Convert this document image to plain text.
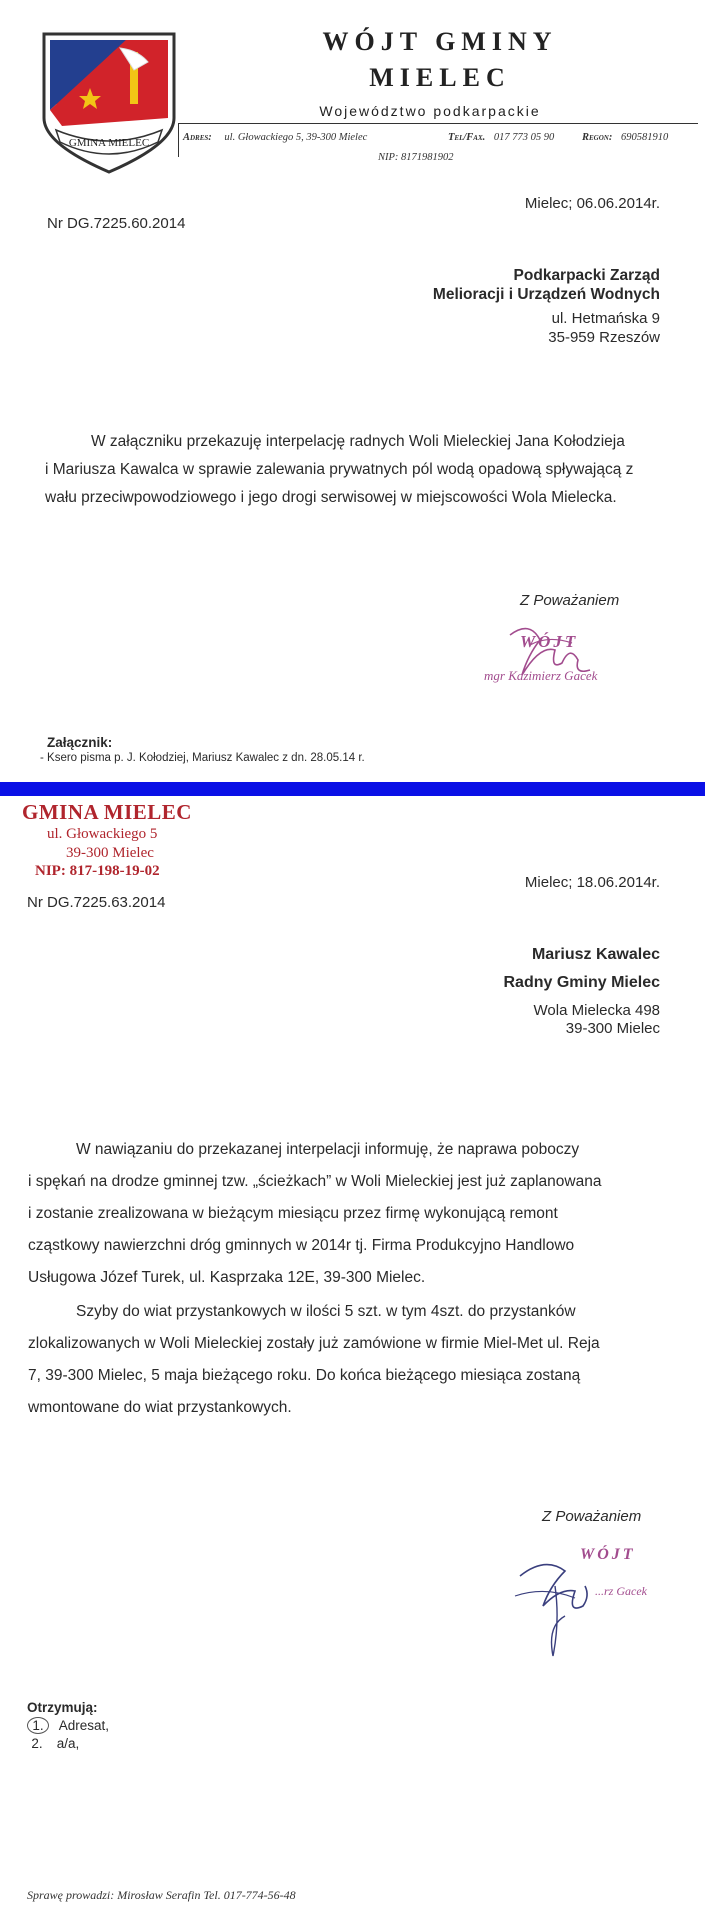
GMINA MIELEC
WÓJT GMINY
MIELEC
Województwo podkarpackie
Adres: ul. Głowackiego 5, 39-300 Mielec	Tel/Fax. 017 773 05 90	Regon: 690581910
NIP: 8171981902
Mielec; 06.06.2014r.
Nr DG.7225.60.2014
Podkarpacki Zarząd
Melioracji i Urządzeń Wodnych
ul. Hetmańska 9
35-959 Rzeszów
W załączniku przekazuję interpelację radnych Woli Mieleckiej Jana Kołodzieja
i Mariusza Kawalca w sprawie zalewania prywatnych pól wodą opadową spływającą z
wału przeciwpowodziowego i jego drogi serwisowej w miejscowości Wola Mielecka.
Z Poważaniem
WÓJT
mgr Kazimierz Gacek
Załącznik:
- Ksero pisma p. J. Kołodziej, Mariusz Kawalec z dn. 28.05.14 r.
GMINA MIELEC
ul. Głowackiego 5
39-300 Mielec
NIP: 817-198-19-02
Mielec; 18.06.2014r.
Nr DG.7225.63.2014
Mariusz Kawalec
Radny Gminy Mielec
Wola Mielecka 498
39-300 Mielec
W nawiązaniu do przekazanej interpelacji informuję, że naprawa poboczy
i spękań na drodze gminnej tzw. „ścieżkach” w Woli Mieleckiej jest już zaplanowana
i zostanie zrealizowana w bieżącym miesiącu przez firmę wykonującą remont
cząstkowy nawierzchni dróg gminnych w 2014r tj. Firma Produkcyjno Handlowo
Usługowa Józef Turek, ul. Kasprzaka 12E, 39-300 Mielec.
Szyby do wiat przystankowych w ilości 5 szt. w tym 4szt. do przystanków
zlokalizowanych w Woli Mieleckiej zostały już zamówione w firmie Miel-Met ul. Reja
7, 39-300 Mielec, 5 maja bieżącego roku. Do końca bieżącego miesiąca zostaną
wmontowane do wiat przystankowych.
Z Poważaniem
WÓJT
...rz Gacek
Otrzymują:
1. Adresat,
2. a/a,
Sprawę prowadzi: Mirosław Serafin Tel. 017-774-56-48
